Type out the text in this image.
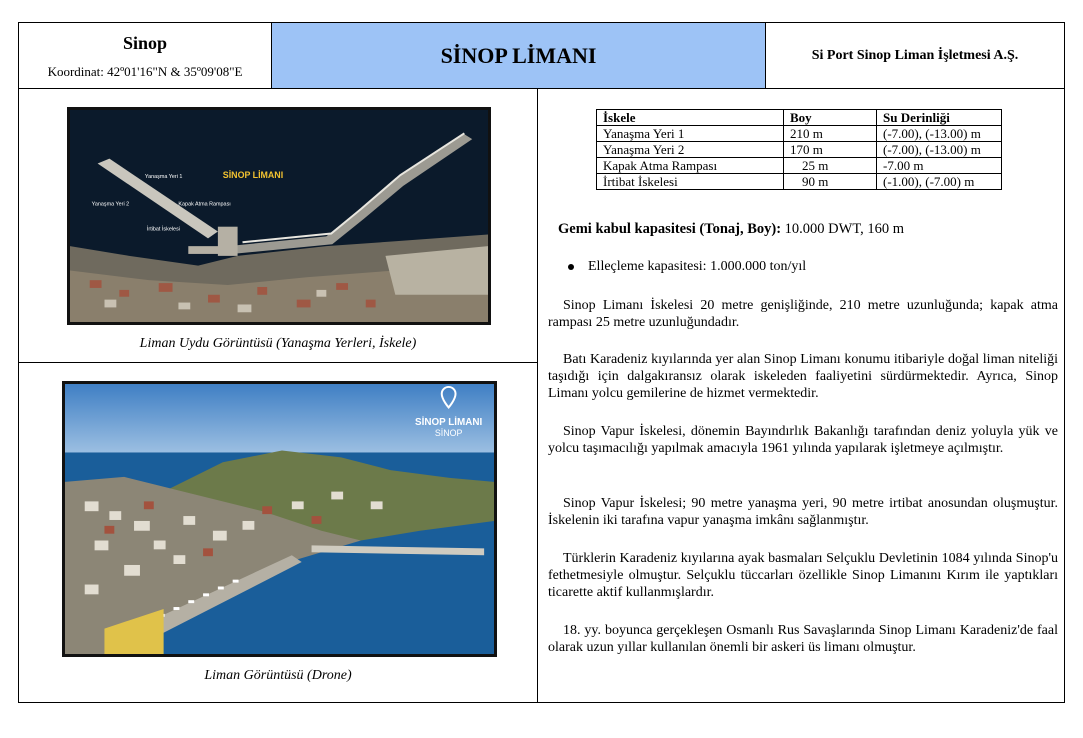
Sinop
Koordinat: 42º01'16"N & 35º09'08"E
SİNOP LİMANI	Si Port Sinop Liman İşletmesi A.Ş.
SİNOP LİMANI
Yanaşma Yeri 1
Yanaşma Yeri 2	Kapak Atma Rampası
İrtibat İskelesi
Liman Uydu Görüntüsü (Yanaşma Yerleri, İskele)
SİNOP LİMANI
SİNOP
Liman Görüntüsü (Drone)
İskele	Boy	Su Derinliği
Yanaşma Yeri 1	210 m	(-7.00), (-13.00) m
Yanaşma Yeri 2	170 m	(-7.00), (-13.00) m
Kapak Atma Rampası	25 m	-7.00 m
İrtibat İskelesi	90 m	(-1.00), (-7.00) m
Gemi kabul kapasitesi (Tonaj, Boy): 10.000 DWT, 160 m
Elleçleme kapasitesi: 1.000.000 ton/yıl
Sinop Limanı İskelesi 20 metre genişliğinde, 210 metre uzunluğunda; kapak atma rampası 25 metre uzunluğundadır.
Batı Karadeniz kıyılarında yer alan Sinop Limanı konumu itibariyle doğal liman niteliği taşıdığı için dalgakıransız olarak iskeleden faaliyetini sürdürmektedir. Ayrıca, Sinop Limanı yolcu gemilerine de hizmet vermektedir.
Sinop Vapur İskelesi, dönemin Bayındırlık Bakanlığı tarafından deniz yoluyla yük ve yolcu taşımacılığı yapılmak amacıyla 1961 yılında yapılarak işletmeye açılmıştır.
Sinop Vapur İskelesi; 90 metre yanaşma yeri, 90 metre irtibat anosundan oluşmuştur. İskelenin iki tarafına vapur yanaşma imkânı sağlanmıştır.
Türklerin Karadeniz kıyılarına ayak basmaları Selçuklu Devletinin 1084 yılında Sinop'u fethetmesiyle olmuştur. Selçuklu tüccarları özellikle Sinop Limanını Kırım ile yaptıkları ticarette aktif kullanmışlardır.
18. yy. boyunca gerçekleşen Osmanlı Rus Savaşlarında Sinop Limanı Karadeniz'de faal olarak uzun yıllar kullanılan önemli bir askeri üs limanı olmuştur.
